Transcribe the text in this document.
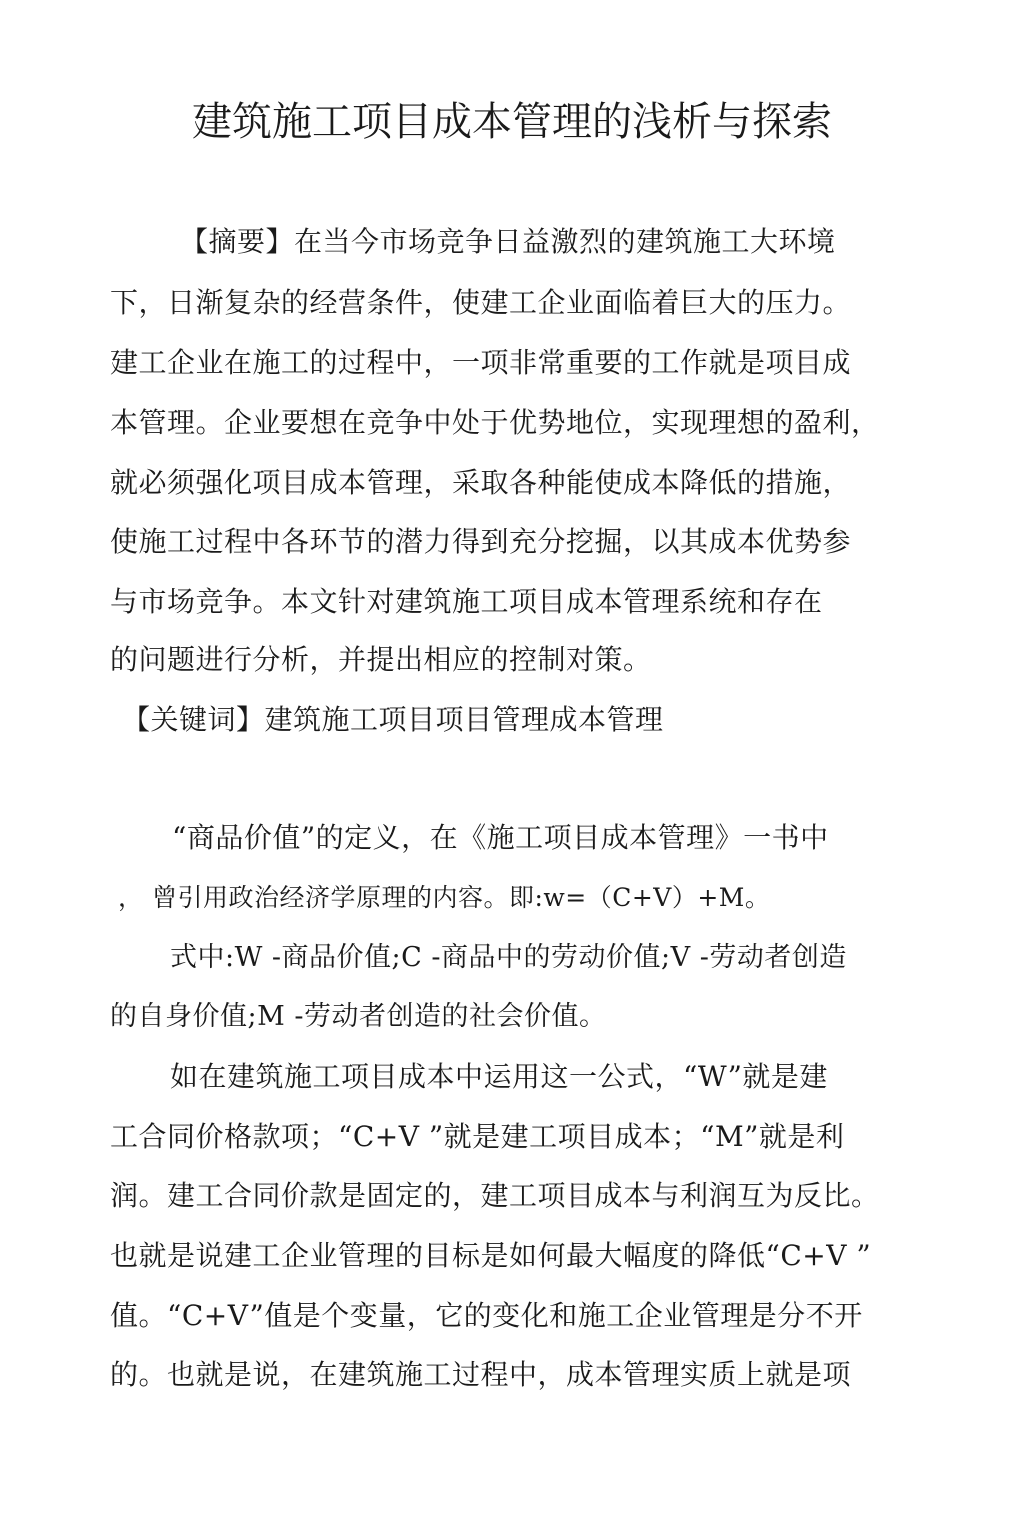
建筑施工项目成本管理的浅析与探索
【摘要】在当今市场竞争日益激烈的建筑施工大环境
下，日渐复杂的经营条件，使建工企业面临着巨大的压力。
建工企业在施工的过程中，一项非常重要的工作就是项目成
本管理。企业要想在竞争中处于优势地位，实现理想的盈利，
就必须强化项目成本管理，采取各种能使成本降低的措施，
使施工过程中各环节的潜力得到充分挖掘，以其成本优势参
与市场竞争。本文针对建筑施工项目成本管理系统和存在
的问题进行分析，并提出相应的控制对策。
【关键词】建筑施工项目项目管理成本管理
“商品价值”的定义，在《施工项目成本管理》一书中
， 曾引用政治经济学原理的内容。即:w=（C+V）+M。
式中:W -商品价值;C -商品中的劳动价值;V -劳动者创造
的自身价值;M -劳动者创造的社会价值。
如在建筑施工项目成本中运用这一公式，“W”就是建
工合同价格款项；“C+V ”就是建工项目成本；“M”就是利
润。建工合同价款是固定的，建工项目成本与利润互为反比。
也就是说建工企业管理的目标是如何最大幅度的降低“C+V ”
值。“C+V”值是个变量，它的变化和施工企业管理是分不开
的。也就是说，在建筑施工过程中，成本管理实质上就是项
